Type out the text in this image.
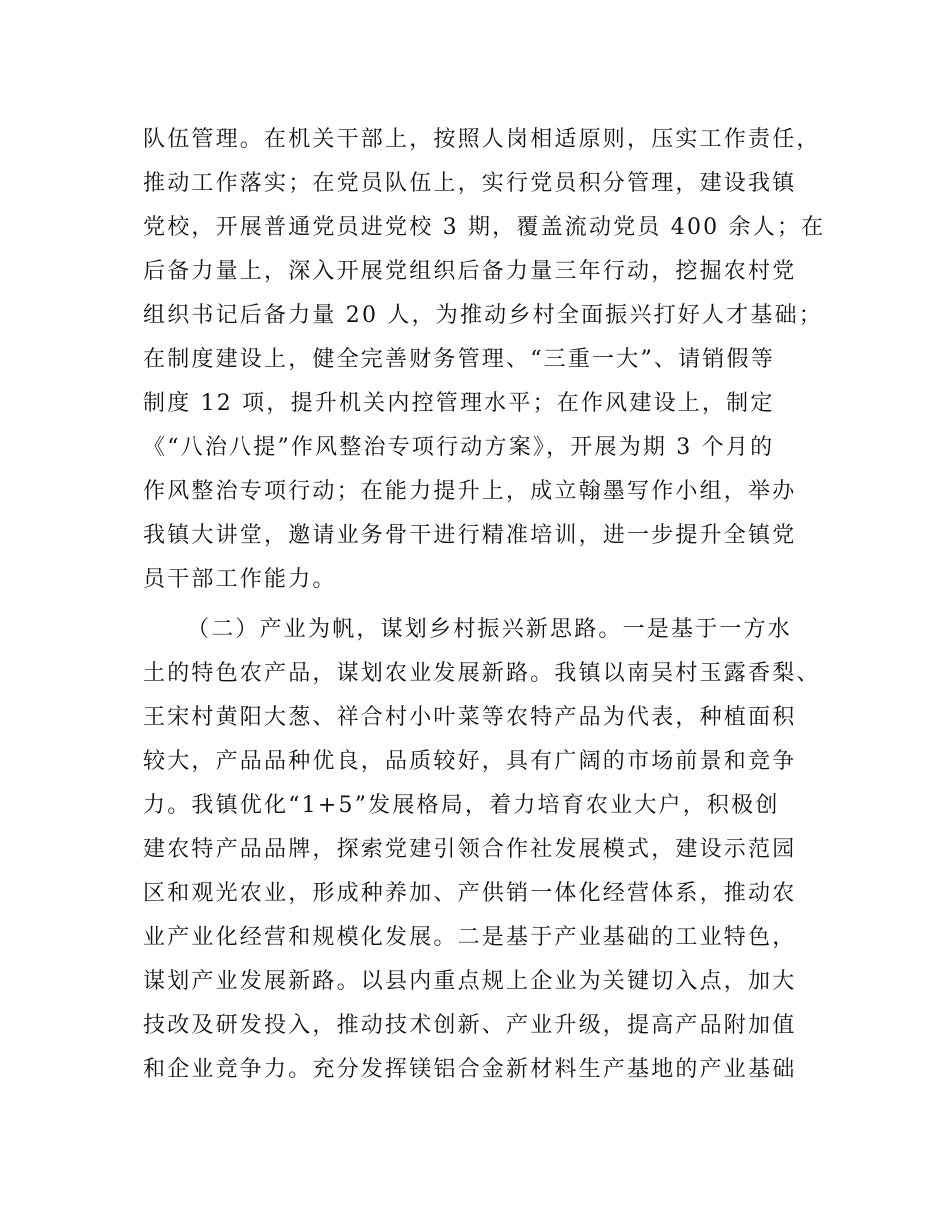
队伍管理。在机关干部上，按照人岗相适原则，压实工作责任，
推动工作落实；在党员队伍上，实行党员积分管理，建设我镇
党校，开展普通党员进党校 3 期，覆盖流动党员 400 余人；在
后备力量上，深入开展党组织后备力量三年行动，挖掘农村党
组织书记后备力量 20 人，为推动乡村全面振兴打好人才基础；
在制度建设上，健全完善财务管理、“三重一大”、请销假等
制度 12 项，提升机关内控管理水平；在作风建设上，制定
《“八治八提”作风整治专项行动方案》，开展为期 3 个月的
作风整治专项行动；在能力提升上，成立翰墨写作小组，举办
我镇大讲堂，邀请业务骨干进行精准培训，进一步提升全镇党
员干部工作能力。
（二）产业为帆，谋划乡村振兴新思路。一是基于一方水
土的特色农产品，谋划农业发展新路。我镇以南吴村玉露香梨、
王宋村黄阳大葱、祥合村小叶菜等农特产品为代表，种植面积
较大，产品品种优良，品质较好，具有广阔的市场前景和竞争
力。我镇优化“1+5”发展格局，着力培育农业大户，积极创
建农特产品品牌，探索党建引领合作社发展模式，建设示范园
区和观光农业，形成种养加、产供销一体化经营体系，推动农
业产业化经营和规模化发展。二是基于产业基础的工业特色，
谋划产业发展新路。以县内重点规上企业为关键切入点，加大
技改及研发投入，推动技术创新、产业升级，提高产品附加值
和企业竞争力。充分发挥镁铝合金新材料生产基地的产业基础
